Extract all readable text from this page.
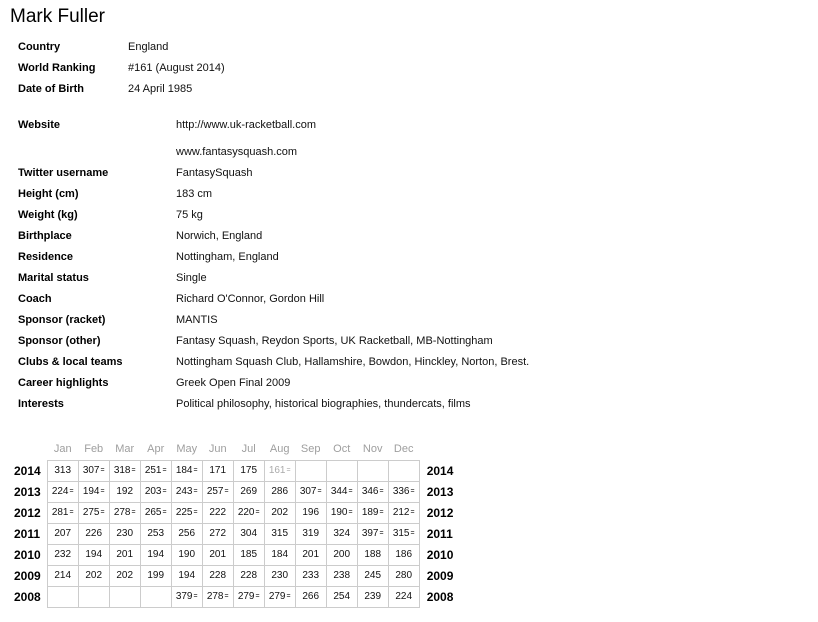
Mark Fuller
Country	England
World Ranking	#161 (August 2014)
Date of Birth	24 April 1985
Website	http://www.uk-racketball.com
www.fantasysquash.com
Twitter username	FantasySquash
Height (cm)	183 cm
Weight (kg)	75 kg
Birthplace	Norwich, England
Residence	Nottingham, England
Marital status	Single
Coach	Richard O'Connor, Gordon Hill
Sponsor (racket)	MANTIS
Sponsor (other)	Fantasy Squash, Reydon Sports, UK Racketball, MB-Nottingham
Clubs & local teams	Nottingham Squash Club, Hallamshire, Bowdon, Hinckley, Norton, Brest.
Career highlights	Greek Open Final 2009
Interests	Political philosophy, historical biographies, thundercats, films
	Jan	Feb	Mar	Apr	May	Jun	Jul	Aug	Sep	Oct	Nov	Dec	
2014	313	307=	318=	251=	184=	171	175	161=					2014
2013	224=	194=	192	203=	243=	257=	269	286	307=	344=	346=	336=	2013
2012	281=	275=	278=	265=	225=	222	220=	202	196	190=	189=	212=	2012
2011	207	226	230	253	256	272	304	315	319	324	397=	315=	2011
2010	232	194	201	194	190	201	185	184	201	200	188	186	2010
2009	214	202	202	199	194	228	228	230	233	238	245	280	2009
2008					379=	278=	279=	279=	266	254	239	224	2008
